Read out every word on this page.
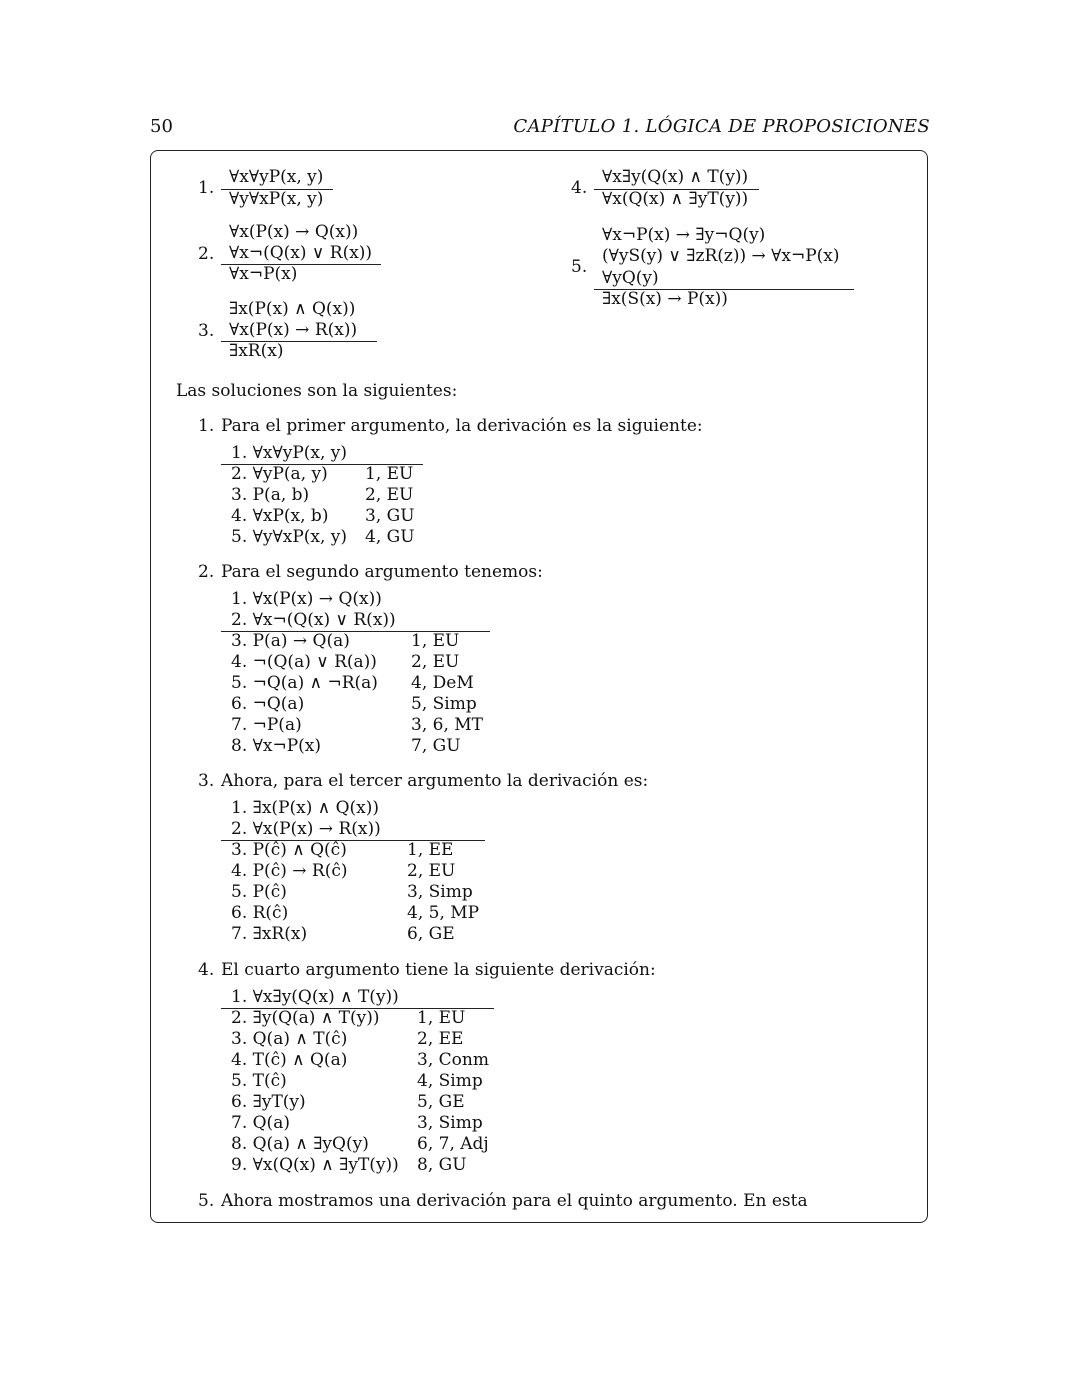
50	CAPÍTULO 1. LÓGICA DE PROPOSICIONES
1.
∀x∀yP(x, y)
∀y∀xP(x, y)
∀x(P(x) → Q(x))
2. ∀x¬(Q(x) ∨ R(x))
∀x¬P(x)
∃x(P(x) ∧ Q(x))
3. ∀x(P(x) → R(x))
∃xR(x)
4.
∀x∃y(Q(x) ∧ T(y))
∀x(Q(x) ∧ ∃yT(y))
∀x¬P(x) → ∃y¬Q(y)
5.
(∀yS(y) ∨ ∃zR(z)) → ∀x¬P(x)
∀yQ(y)
∃x(S(x) → P(x))
Las soluciones son la siguientes:
1. Para el primer argumento, la derivación es la siguiente:
1. ∀x∀yP(x, y)
2. ∀yP(a, y) 1, EU
3. P(a, b)	2, EU
4. ∀xP(x, b) 3, GU
5. ∀y∀xP(x, y) 4, GU
2. Para el segundo argumento tenemos:
1. ∀x(P(x) → Q(x))
2. ∀x¬(Q(x) ∨ R(x))
3. P(a) → Q(a)	1, EU
4. ¬(Q(a) ∨ R(a)) 2, EU
5. ¬Q(a) ∧ ¬R(a) 4, DeM
6. ¬Q(a)	5, Simp
7. ¬P(a)	3, 6, MT
8. ∀x¬P(x)	7, GU
3. Ahora, para el tercer argumento la derivación es:
1. ∃x(P(x) ∧ Q(x))
2. ∀x(P(x) → R(x))
3. P(ĉ) ∧ Q(ĉ)	1, EE
4. P(ĉ) → R(ĉ)	2, EU
5. P(ĉ)	3, Simp
6. R(ĉ)	4, 5, MP
7. ∃xR(x)	6, GE
4. El cuarto argumento tiene la siguiente derivación:
1. ∀x∃y(Q(x) ∧ T(y))
2. ∃y(Q(a) ∧ T(y)) 1, EU
3. Q(a) ∧ T(ĉ)	2, EE
4. T(ĉ) ∧ Q(a)	3, Conm
5. T(ĉ)	4, Simp
6. ∃yT(y)	5, GE
7. Q(a)	3, Simp
8. Q(a) ∧ ∃yQ(y)	6, 7, Adj
9. ∀x(Q(x) ∧ ∃yT(y)) 8, GU
5. Ahora mostramos una derivación para el quinto argumento. En esta
